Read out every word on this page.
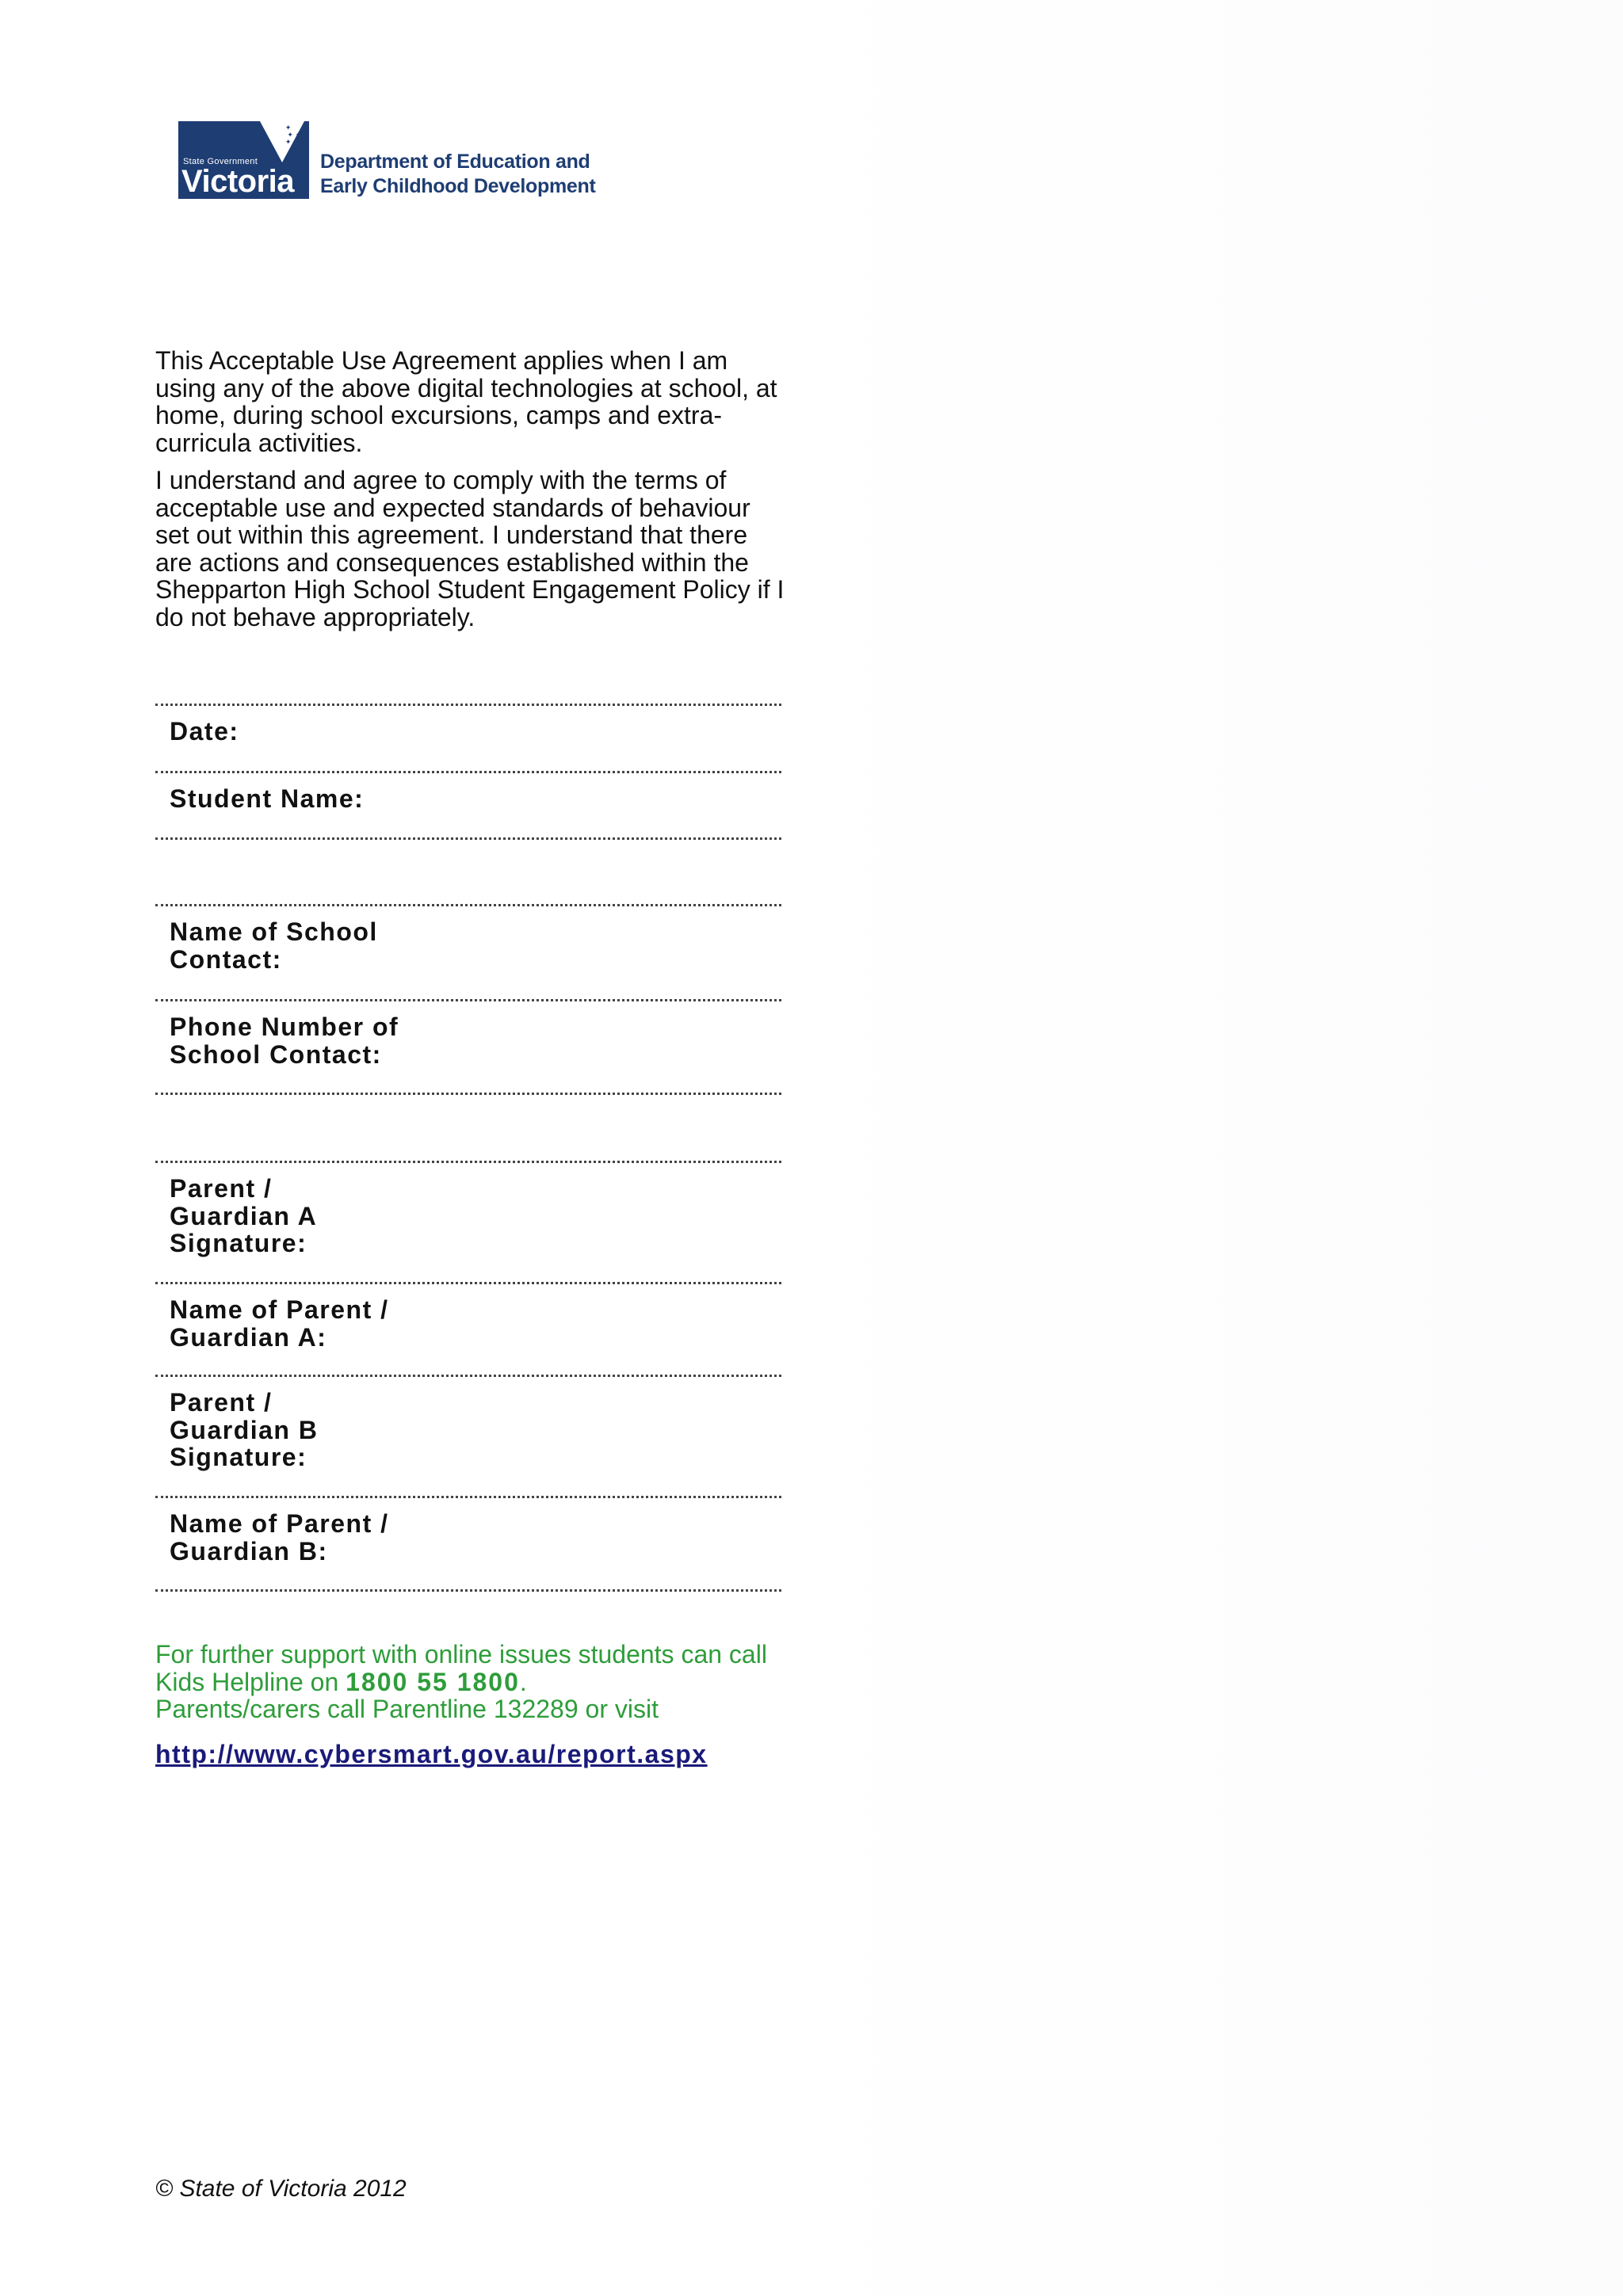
✦
✦ ✦
✦
State Government
Victoria
Department of Education and
Early Childhood Development

This Acceptable Use Agreement applies when I am using any of the above digital technologies at school, at home, during school excursions, camps and extra-curricula activities.

I understand and agree to comply with the terms of acceptable use and expected standards of behaviour set out within this agreement. I understand that there are actions and consequences established within the Shepparton High School Student Engagement Policy if I do not behave appropriately.

Date:
Student Name:
Name of School Contact:
Phone Number of School Contact:
Parent / Guardian A Signature:
Name of Parent / Guardian A:
Parent / Guardian B Signature:
Name of Parent / Guardian B:
For further support with online issues students can call Kids Helpline on 1800 55 1800.
Parents/carers call Parentline 132289 or visit
http://www.cybersmart.gov.au/report.aspx
© State of Victoria 2012
